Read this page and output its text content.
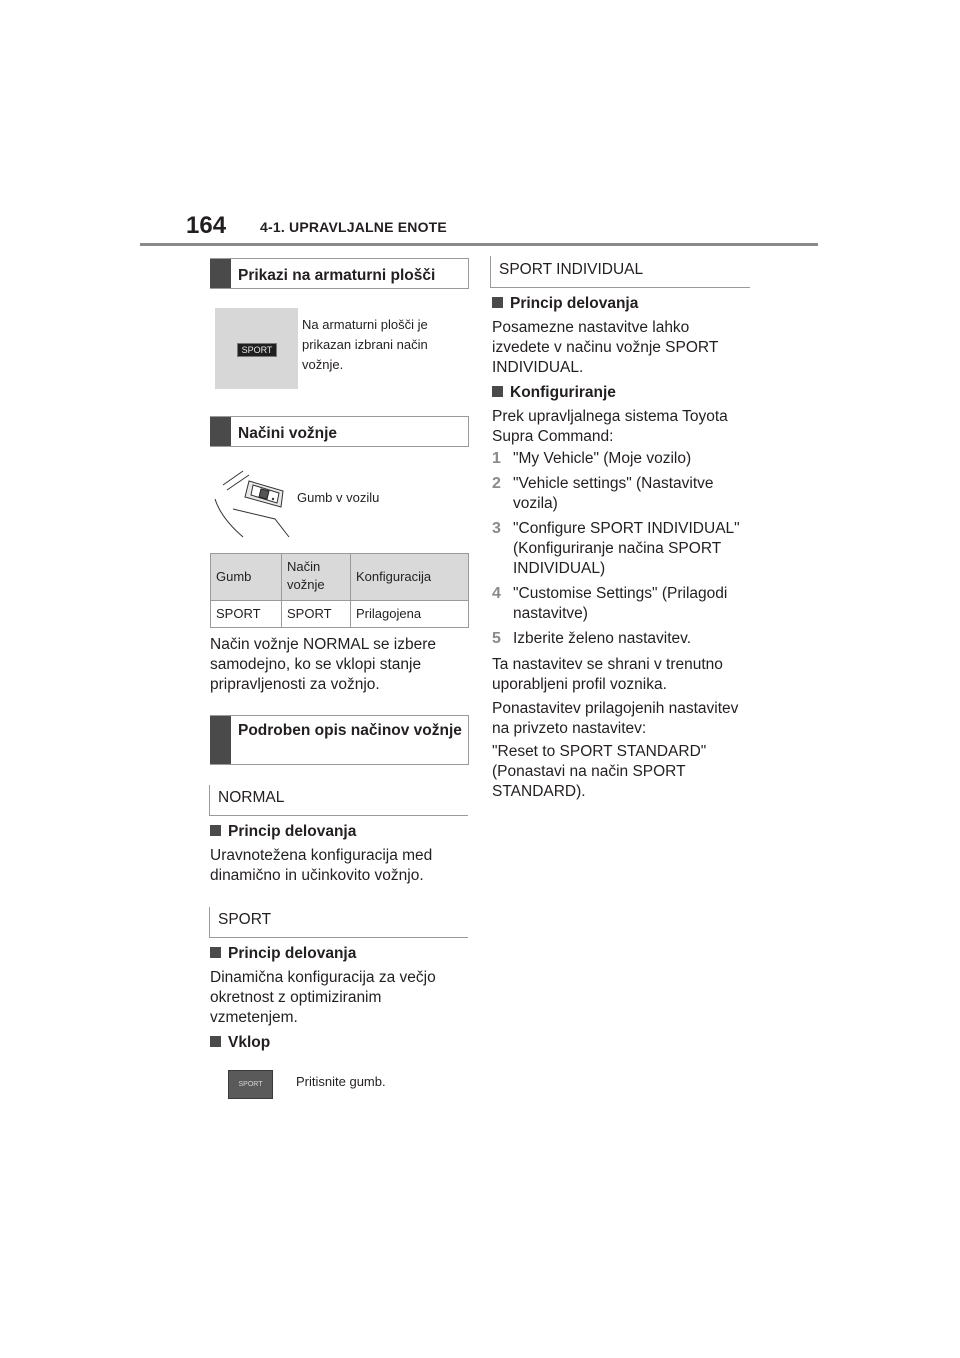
164 4-1. UPRAVLJALNE ENOTE
Prikazi na armaturni plošči
SPORT
Na armaturni plošči je prikazan izbrani način vožnje.
Načini vožnje
Gumb v vozilu
Gumb	Način vožnje	Konfiguracija
SPORT	SPORT	Prilagojena
Način vožnje NORMAL se izbere samodejno, ko se vklopi stanje pripravljenosti za vožnjo.
Podroben opis načinov vožnje
NORMAL
Princip delovanja
Uravnotežena konfiguracija med dinamično in učinkovito vožnjo.
SPORT
Princip delovanja
Dinamična konfiguracija za večjo okretnost z optimiziranim vzmetenjem.
Vklop
SPORT	Pritisnite gumb.
SPORT INDIVIDUAL
Princip delovanja
Posamezne nastavitve lahko izvedete v načinu vožnje SPORT INDIVIDUAL.
Konfiguriranje
Prek upravljalnega sistema Toyota Supra Command:
1 "My Vehicle" (Moje vozilo)
2 "Vehicle settings" (Nastavitve vozila)
3 "Configure SPORT INDIVIDUAL" (Konfiguriranje načina SPORT INDIVIDUAL)
4 "Customise Settings" (Prilagodi nastavitve)
5 Izberite želeno nastavitev.
Ta nastavitev se shrani v trenutno uporabljeni profil voznika.
Ponastavitev prilagojenih nastavitev na privzeto nastavitev:
"Reset to SPORT STANDARD" (Ponastavi na način SPORT STANDARD).
